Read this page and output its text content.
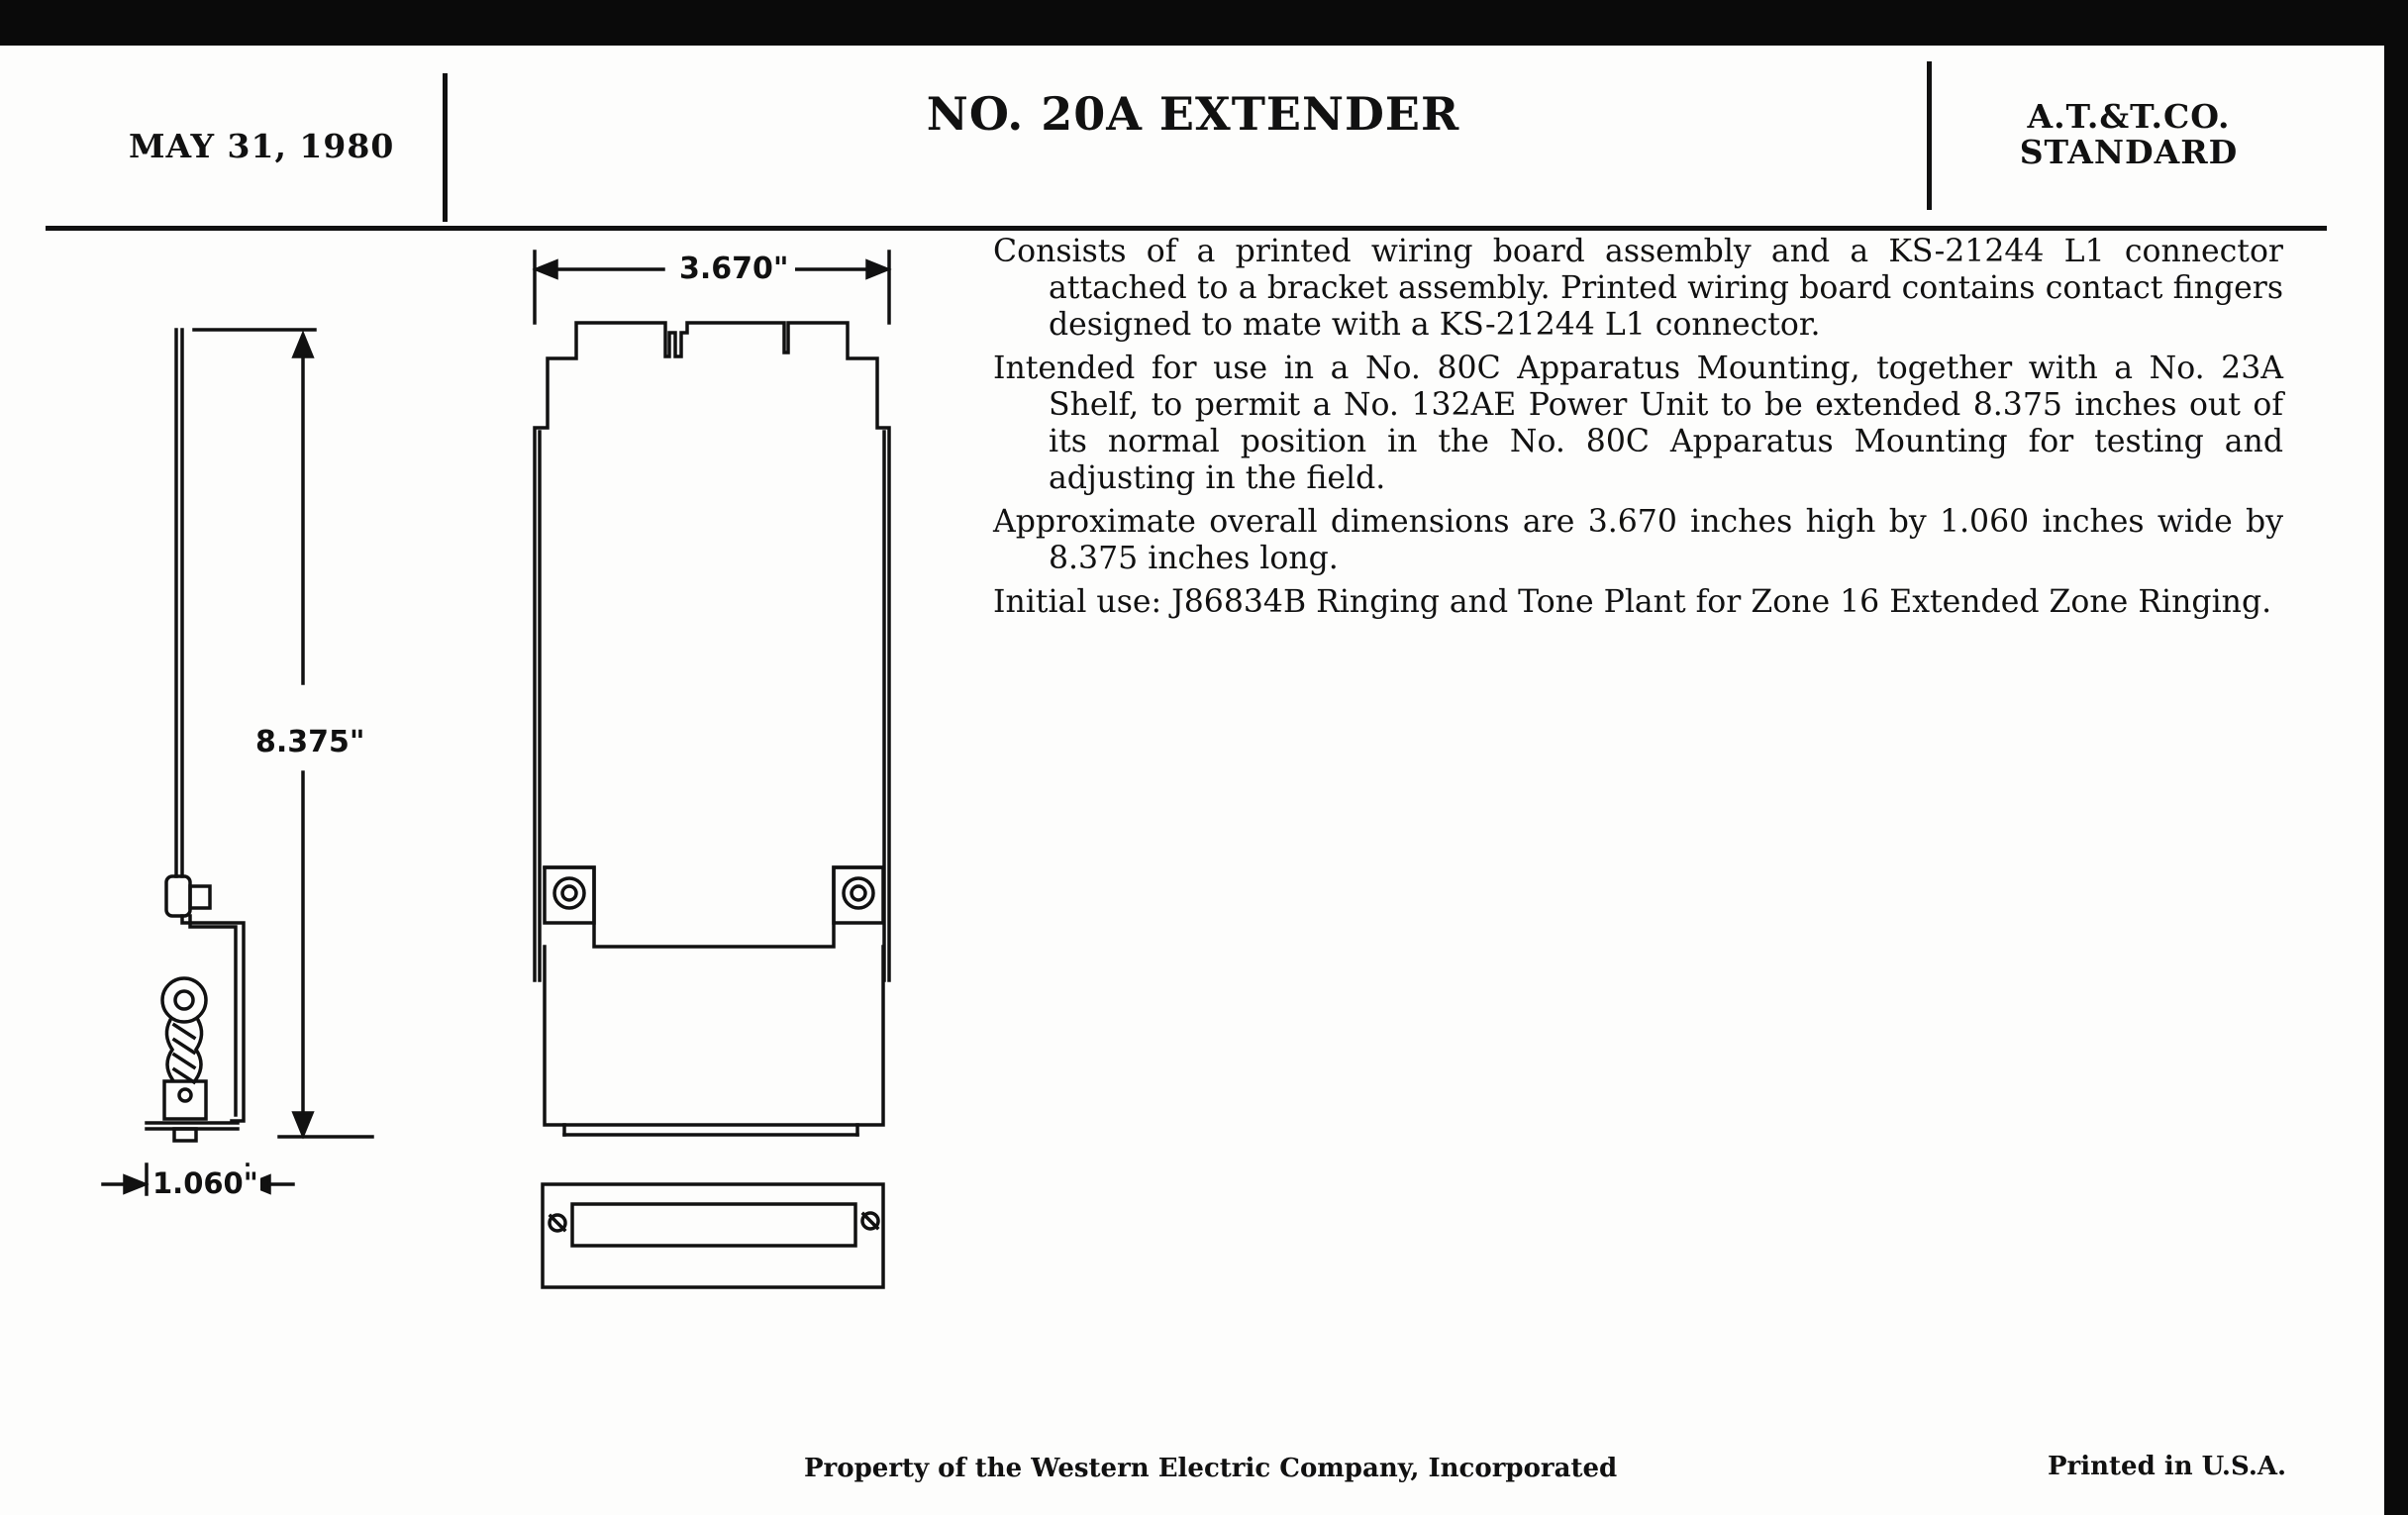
MAY 31, 1980
NO. 20A EXTENDER	A.T.&T.CO.
STANDARD
3.670"
8.375"
1.060"

Consists of a printed wiring board assembly and a KS-21244 L1 connector attached to a bracket assembly. Printed wiring board contains contact fingers designed to mate with a KS-21244 L1 connector.

Intended for use in a No. 80C Apparatus Mounting, together with a No. 23A Shelf, to permit a No. 132AE Power Unit to be extended 8.375 inches out of its normal position in the No. 80C Apparatus Mounting for testing and adjusting in the field.

Approximate overall dimensions are 3.670 inches high by 1.060 inches wide by 8.375 inches long.

Initial use: J86834B Ringing and Tone Plant for Zone 16 Extended Zone Ringing.

Property of the Western Electric Company, Incorporated	Printed in U.S.A.
